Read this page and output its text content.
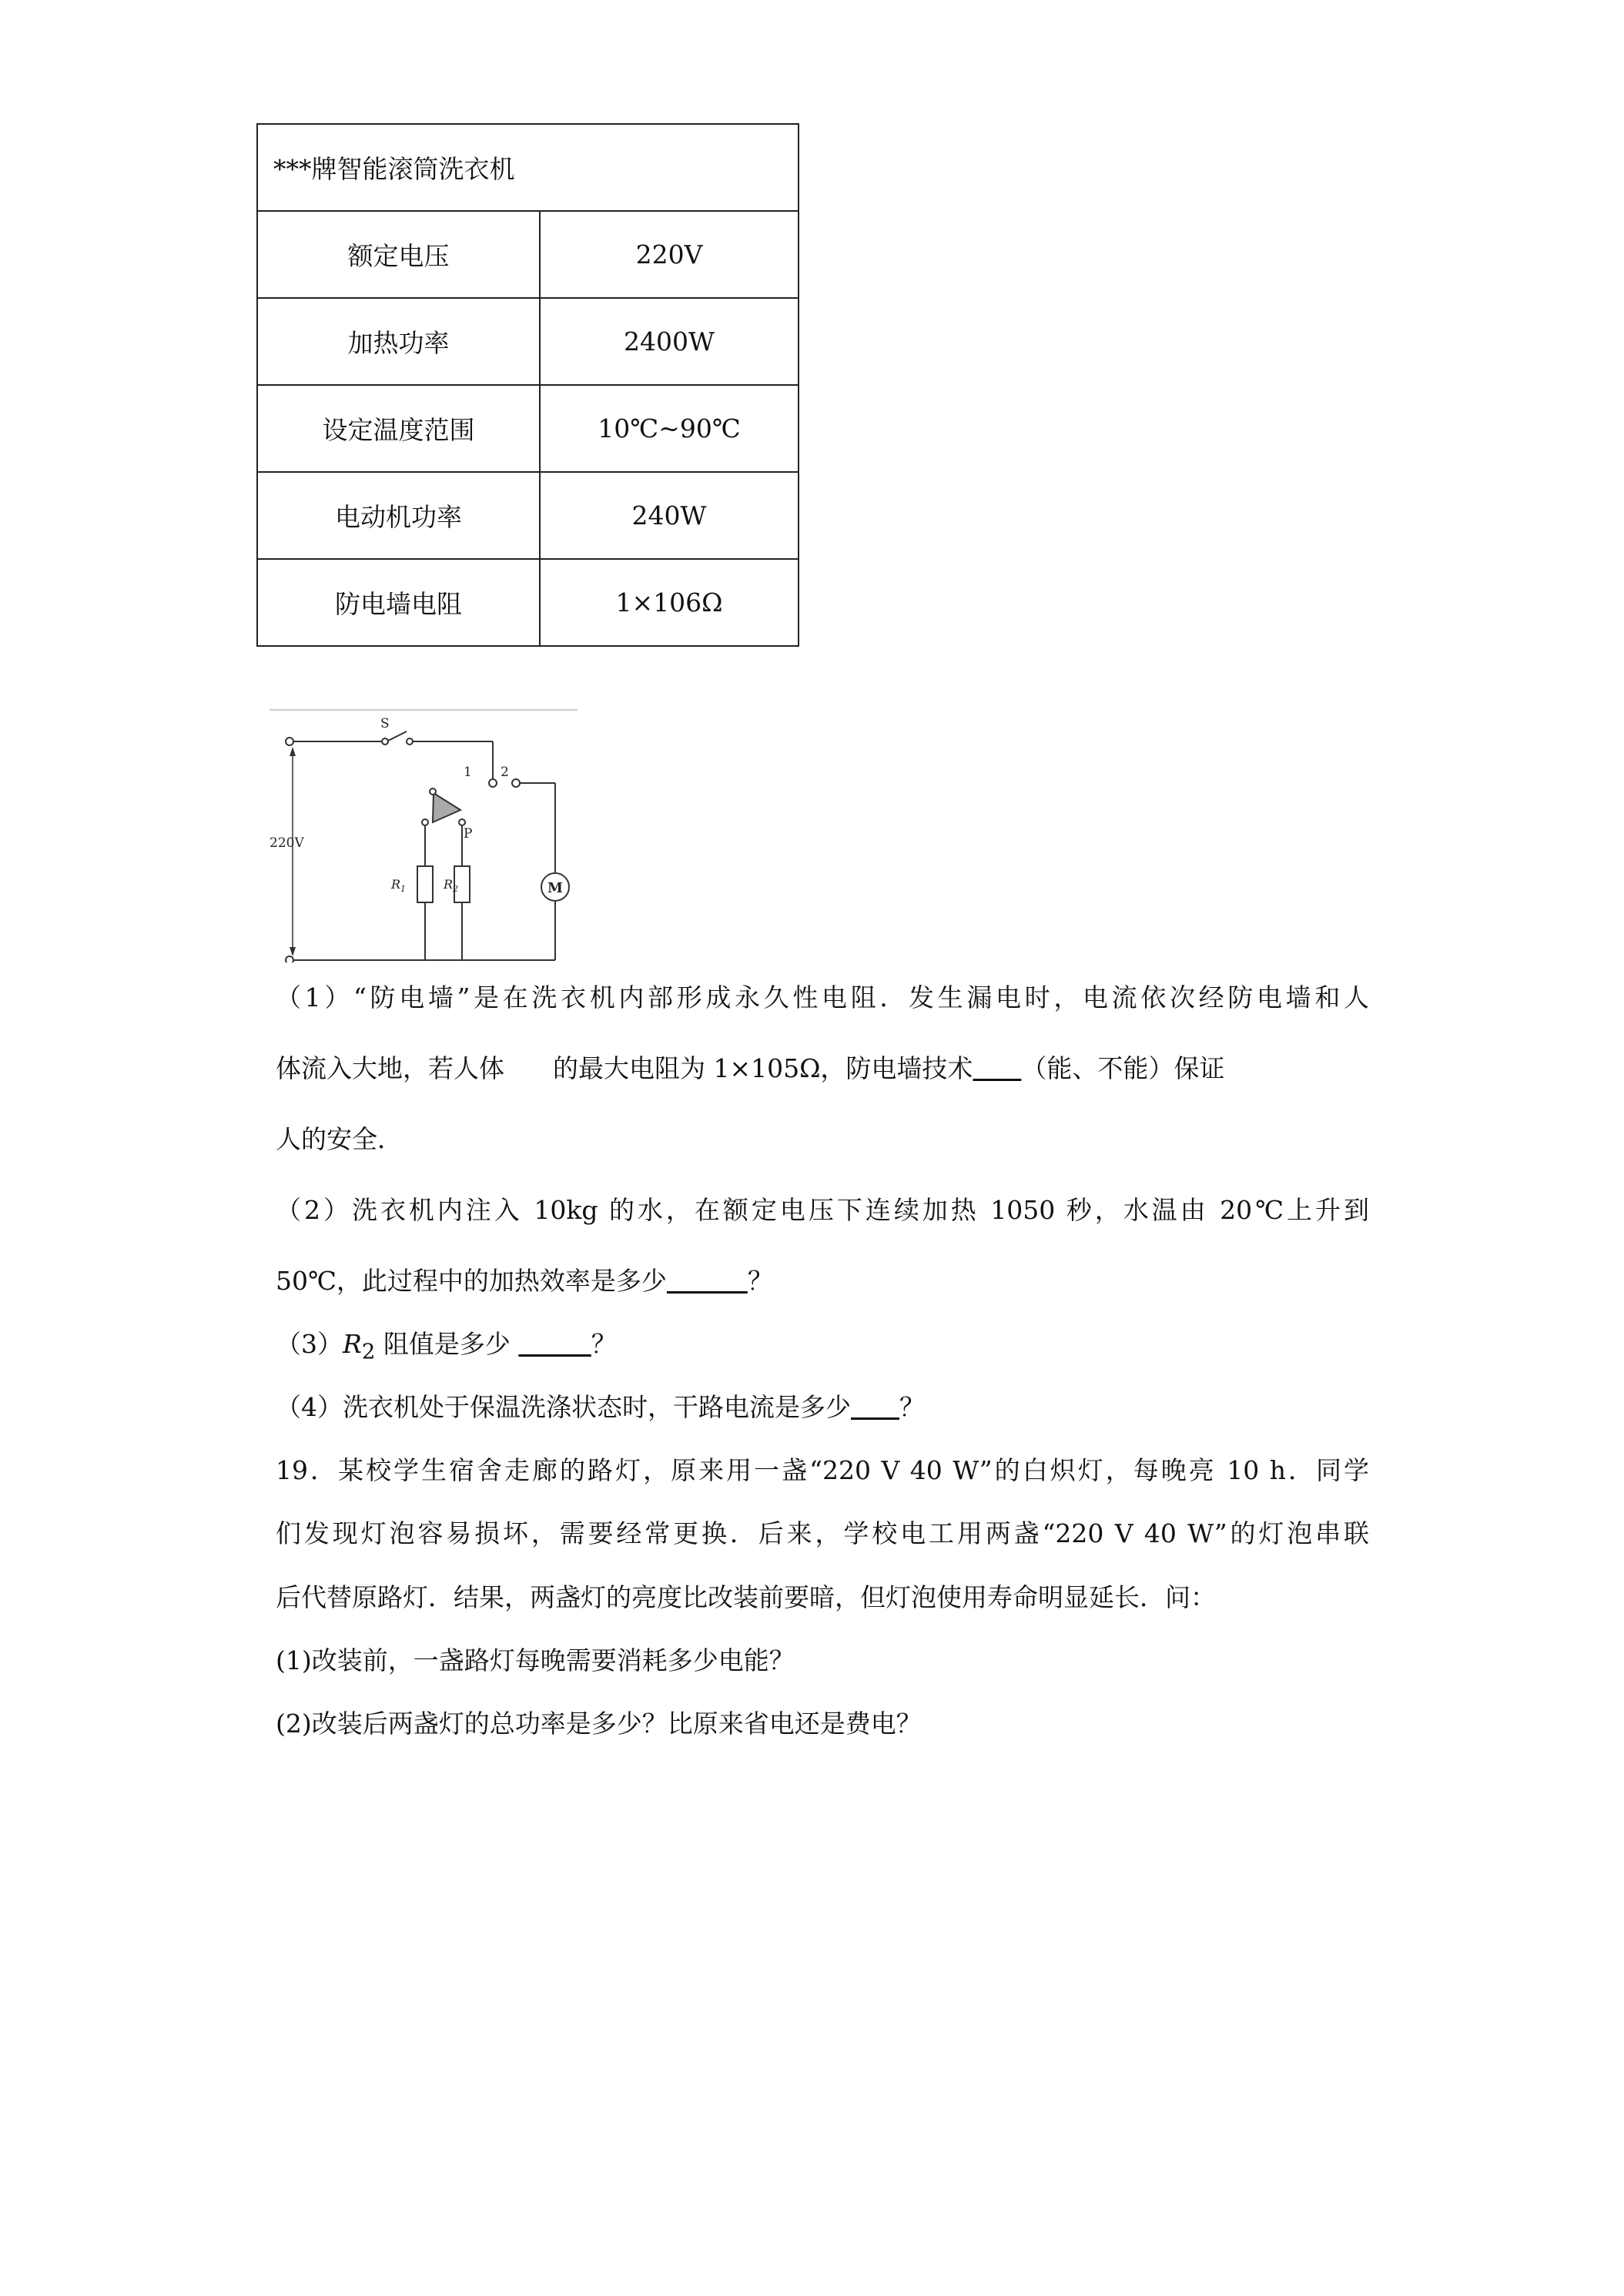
***牌智能滚筒洗衣机	
额定电压	220V
加热功率	2400W
设定温度范围	10℃~90℃
电动机功率	240W
防电墙电阻	1×106Ω
220V
S
1 2
P
$R_1$	$R_2$	M

（1）“防电墙”是在洗衣机内部形成永久性电阻．发生漏电时，电流依次经防电墙和人

体流入大地，若人体 的最大电阻为 1×105Ω，防电墙技术 （能、不能）保证

人的安全．

（2）洗衣机内注入 10kg 的水，在额定电压下连续加热 1050 秒，水温由 20℃上升到

50℃，此过程中的加热效率是多少	？

$(3)R_2$ 阻值是多少	？

（4）洗衣机处于保温洗涤状态时，干路电流是多少 ？

19．某校学生宿舍走廊的路灯，原来用一盏“220 V 40 W”的白炽灯，每晚亮 10 h．同学

们发现灯泡容易损坏，需要经常更换．后来，学校电工用两盏“220 V 40 W”的灯泡串联

后代替原路灯．结果，两盏灯的亮度比改装前要暗，但灯泡使用寿命明显延长．问：

(1)改装前，一盏路灯每晚需要消耗多少电能？

(2)改装后两盏灯的总功率是多少？比原来省电还是费电？
